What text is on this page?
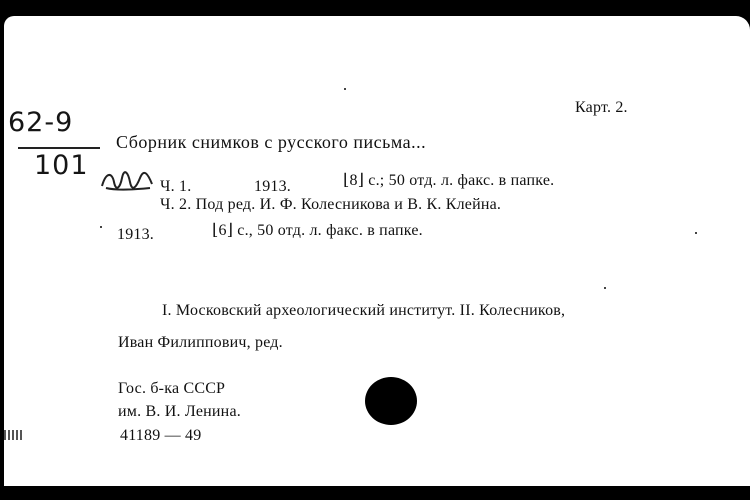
Карт. 2.
62-9
101
Сборник снимков с русского письма...
Ч. 1.	1913.	⌊8⌋ с.; 50 отд. л. факс. в папке.
Ч. 2. Под ред. И. Ф. Колесникова и В. К. Клейна.
1913.	⌊6⌋ с., 50 отд. л. факс. в папке.
I. Московский археологический институт. II. Колесников,
Иван Филиппович, ред.
Гос. б-ка СССР
им. В. И. Ленина.
41189 — 49
